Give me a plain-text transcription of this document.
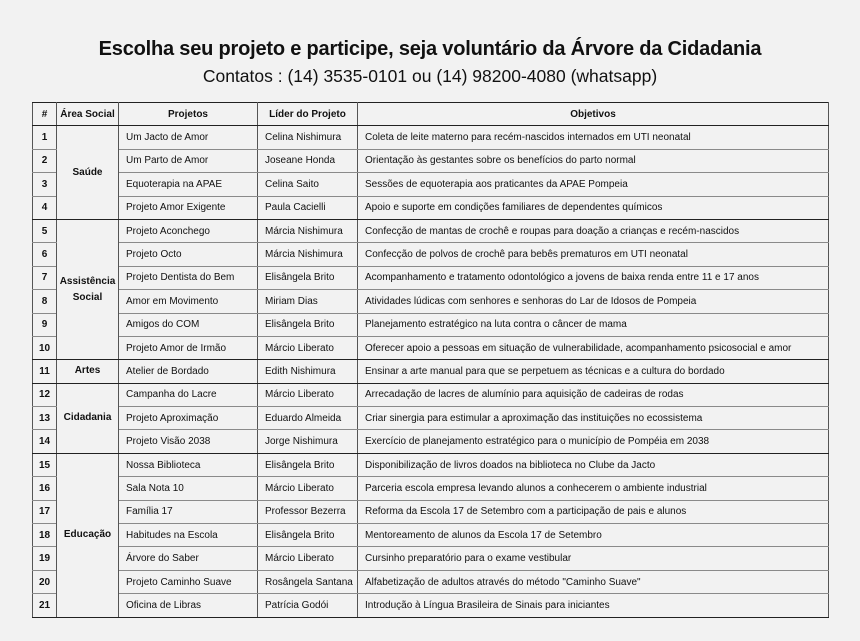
Escolha seu projeto e participe, seja voluntário da Árvore da Cidadania
Contatos : (14) 3535-0101 ou (14) 98200-4080 (whatsapp)
#	Área Social	Projetos	Líder do Projeto	Objetivos
1	Saúde	Um Jacto de Amor	Celina Nishimura	Coleta de leite materno para recém-nascidos internados em UTI neonatal
2		Um Parto de Amor	Joseane Honda	Orientação às gestantes sobre os benefícios do parto normal
3		Equoterapia na APAE	Celina Saito	Sessões de equoterapia aos praticantes da APAE Pompeia
4		Projeto Amor Exigente	Paula Cacielli	Apoio e suporte em condições familiares de dependentes químicos
5	Assistência Social	Projeto Aconchego	Márcia Nishimura	Confecção de mantas de crochê e roupas para doação a crianças e recém-nascidos
6		Projeto Octo	Márcia Nishimura	Confecção de polvos de crochê para bebês prematuros em UTI neonatal
7		Projeto Dentista do Bem	Elisângela Brito	Acompanhamento e tratamento odontológico a jovens de baixa renda entre 11 e 17 anos
8		Amor em Movimento	Miriam Dias	Atividades lúdicas com senhores e senhoras do Lar de Idosos de Pompeia
9		Amigos do COM	Elisângela Brito	Planejamento estratégico na luta contra o câncer de mama
10		Projeto Amor de Irmão	Márcio Liberato	Oferecer apoio a pessoas em situação de vulnerabilidade, acompanhamento psicosocial e amor
11	Artes	Atelier de Bordado	Edith Nishimura	Ensinar a arte manual para que se perpetuem as técnicas e a cultura do bordado
12	Cidadania	Campanha do Lacre	Márcio Liberato	Arrecadação de lacres de alumínio para aquisição de cadeiras de rodas
13		Projeto Aproximação	Eduardo Almeida	Criar sinergia para estimular a aproximação das instituições no ecossistema
14		Projeto Visão 2038	Jorge Nishimura	Exercício de planejamento estratégico para o município de Pompéia em 2038
15	Educação	Nossa Biblioteca	Elisângela Brito	Disponibilização de livros doados na biblioteca no Clube da Jacto
16		Sala Nota 10	Márcio Liberato	Parceria escola empresa levando alunos a conhecerem o ambiente industrial
17		Família 17	Professor Bezerra	Reforma da Escola 17 de Setembro com a participação de pais e alunos
18		Habitudes na Escola	Elisângela Brito	Mentoreamento de alunos da Escola 17 de Setembro
19		Árvore do Saber	Márcio Liberato	Cursinho preparatório para o exame vestibular
20		Projeto Caminho Suave	Rosângela Santana	Alfabetização de adultos através do método "Caminho Suave"
21		Oficina de Libras	Patrícia Godói	Introdução à Língua Brasileira de Sinais para iniciantes
